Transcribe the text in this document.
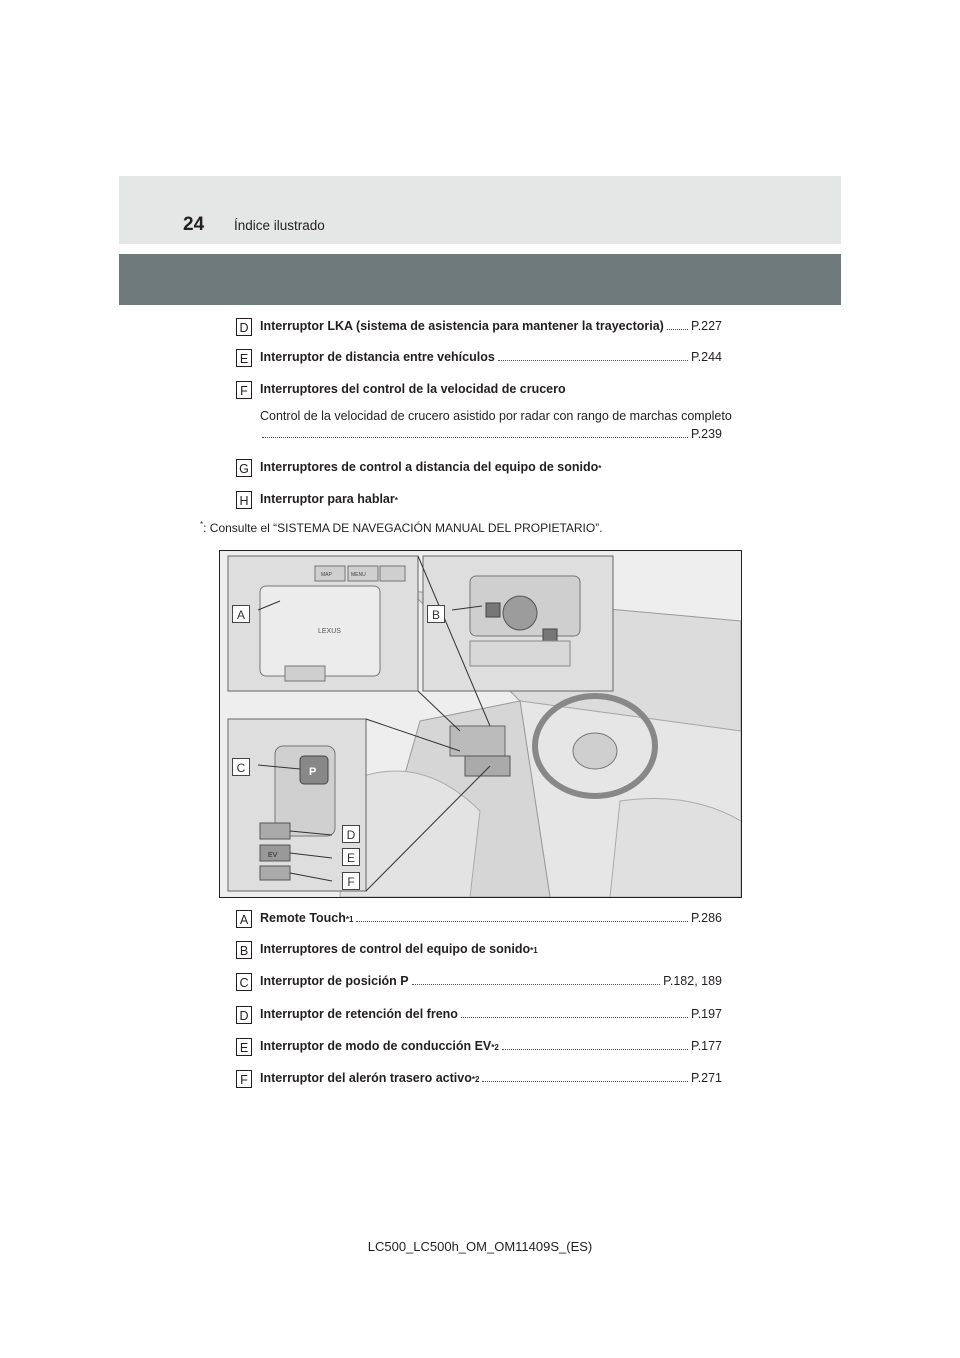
24 Índice ilustrado
D Interruptor LKA (sistema de asistencia para mantener la trayectoria) P.227
E Interruptor de distancia entre vehículos	P.244
F Interruptores del control de la velocidad de crucero
Control de la velocidad de crucero asistido por radar con rango de marchas completo
P.239
G Interruptores de control a distancia del equipo de sonido *
H Interruptor para hablar *
*: Consulte el “SISTEMA DE NAVEGACIÓN MANUAL DEL PROPIETARIO”.
LEXUS
MAP	MENU
P
EV
A	B
C
D
E
F
A Remote Touch *1	P.286
B Interruptores de control del equipo de sonido *1
C Interruptor de posición P	P.182, 189
D Interruptor de retención del freno	P.197
E Interruptor de modo de conducción EV *2	P.177
F Interruptor del alerón trasero activo *2	P.271
LC500_LC500h_OM_OM11409S_(ES)
